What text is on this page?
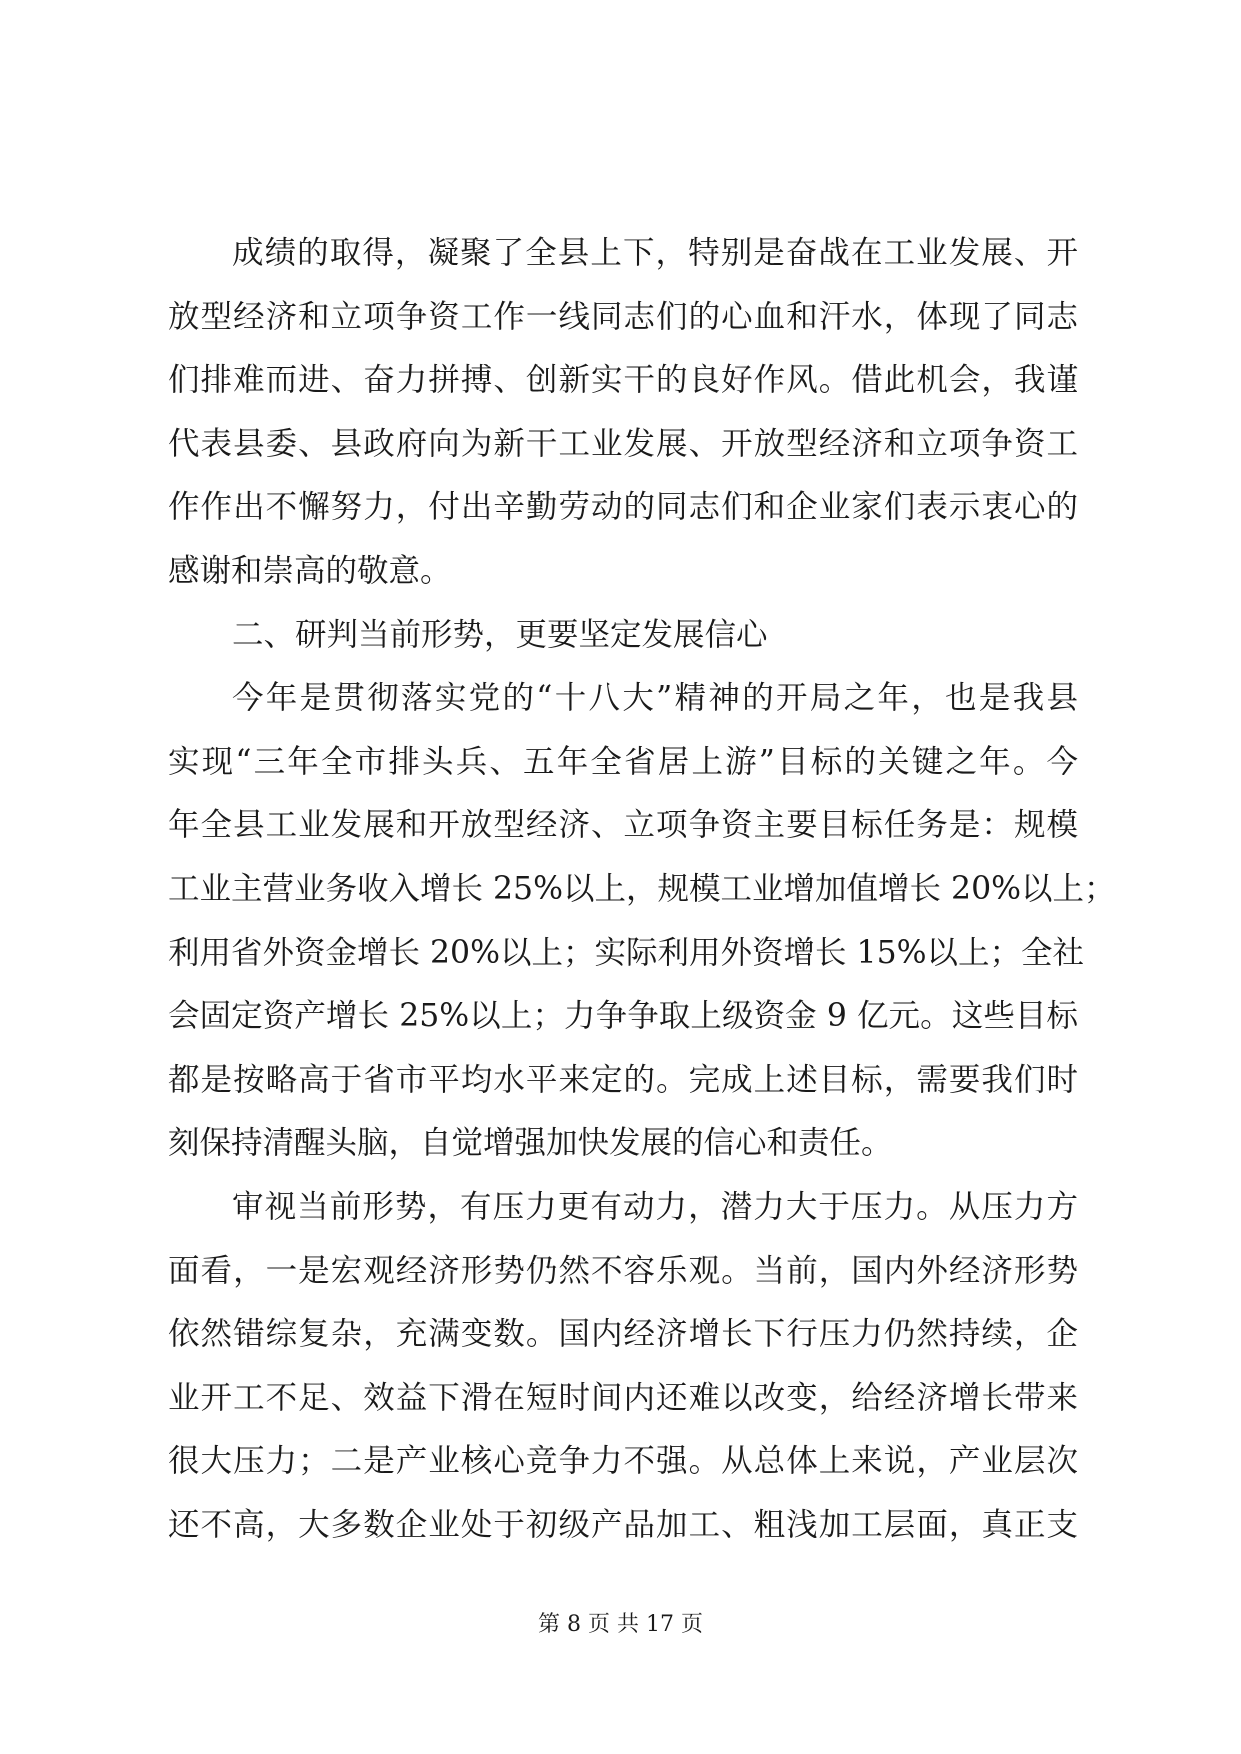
成绩的取得，凝聚了全县上下，特别是奋战在工业发展、开
放型经济和立项争资工作一线同志们的心血和汗水，体现了同志
们排难而进、奋力拼搏、创新实干的良好作风。借此机会，我谨
代表县委、县政府向为新干工业发展、开放型经济和立项争资工
作作出不懈努力，付出辛勤劳动的同志们和企业家们表示衷心的
感谢和崇高的敬意。
二、研判当前形势，更要坚定发展信心
今年是贯彻落实党的“十八大”精神的开局之年，也是我县
实现“三年全市排头兵、五年全省居上游”目标的关键之年。今
年全县工业发展和开放型经济、立项争资主要目标任务是：规模
工业主营业务收入增长 25%以上，规模工业增加值增长 20%以上；
利用省外资金增长 20%以上；实际利用外资增长 15%以上；全社
会固定资产增长 25%以上；力争争取上级资金 9 亿元。这些目标
都是按略高于省市平均水平来定的。完成上述目标，需要我们时
刻保持清醒头脑，自觉增强加快发展的信心和责任。
审视当前形势，有压力更有动力，潜力大于压力。从压力方
面看，一是宏观经济形势仍然不容乐观。当前，国内外经济形势
依然错综复杂，充满变数。国内经济增长下行压力仍然持续，企
业开工不足、效益下滑在短时间内还难以改变，给经济增长带来
很大压力；二是产业核心竞争力不强。从总体上来说，产业层次
还不高，大多数企业处于初级产品加工、粗浅加工层面，真正支
第 8 页 共 17 页
